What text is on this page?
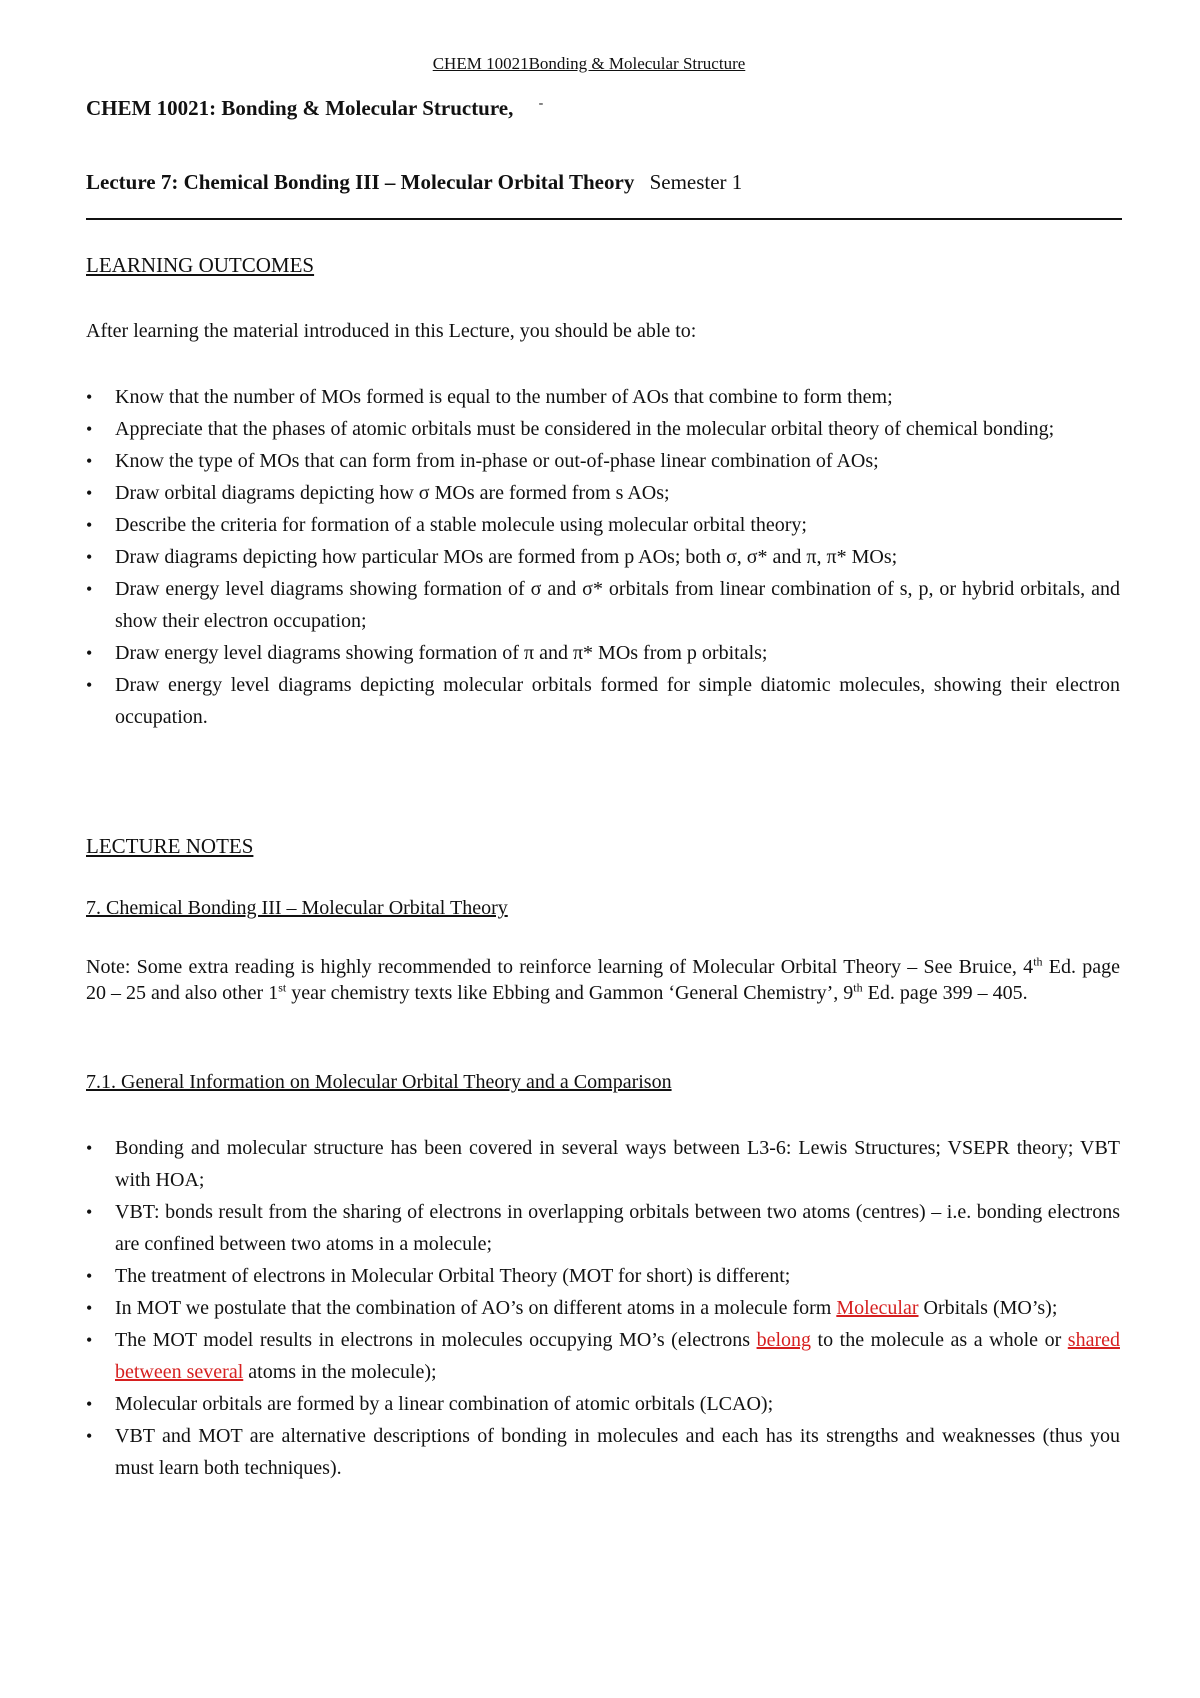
CHEM 10021Bonding & Molecular Structure
CHEM 10021: Bonding & Molecular Structure, -
Lecture 7: Chemical Bonding III – Molecular Orbital Theory Semester 1
LEARNING OUTCOMES
After learning the material introduced in this Lecture, you should be able to:
• Know that the number of MOs formed is equal to the number of AOs that combine to form them;
• Appreciate that the phases of atomic orbitals must be considered in the molecular orbital theory of chemical bonding;
• Know the type of MOs that can form from in-phase or out-of-phase linear combination of AOs;
• Draw orbital diagrams depicting how σ MOs are formed from s AOs;
• Describe the criteria for formation of a stable molecule using molecular orbital theory;
• Draw diagrams depicting how particular MOs are formed from p AOs; both σ, σ* and π, π* MOs;
• Draw energy level diagrams showing formation of σ and σ* orbitals from linear combination of s, p, or hybrid orbitals, and show their electron occupation;
• Draw energy level diagrams showing formation of π and π* MOs from p orbitals;
• Draw energy level diagrams depicting molecular orbitals formed for simple diatomic molecules, showing their electron occupation.
LECTURE NOTES
7. Chemical Bonding III – Molecular Orbital Theory
Note: Some extra reading is highly recommended to reinforce learning of Molecular Orbital Theory – See Bruice, 4th Ed. page 20 – 25 and also other 1st year chemistry texts like Ebbing and Gammon ‘General Chemistry’, 9th Ed. page 399 – 405.
7.1. General Information on Molecular Orbital Theory and a Comparison
• Bonding and molecular structure has been covered in several ways between L3-6: Lewis Structures; VSEPR theory; VBT with HOA;
• VBT: bonds result from the sharing of electrons in overlapping orbitals between two atoms (centres) – i.e. bonding electrons are confined between two atoms in a molecule;
• The treatment of electrons in Molecular Orbital Theory (MOT for short) is different;
• In MOT we postulate that the combination of AO’s on different atoms in a molecule form Molecular Orbitals (MO’s);
• The MOT model results in electrons in molecules occupying MO’s (electrons belong to the molecule as a whole or shared between several atoms in the molecule);
• Molecular orbitals are formed by a linear combination of atomic orbitals (LCAO);
• VBT and MOT are alternative descriptions of bonding in molecules and each has its strengths and weaknesses (thus you must learn both techniques).
